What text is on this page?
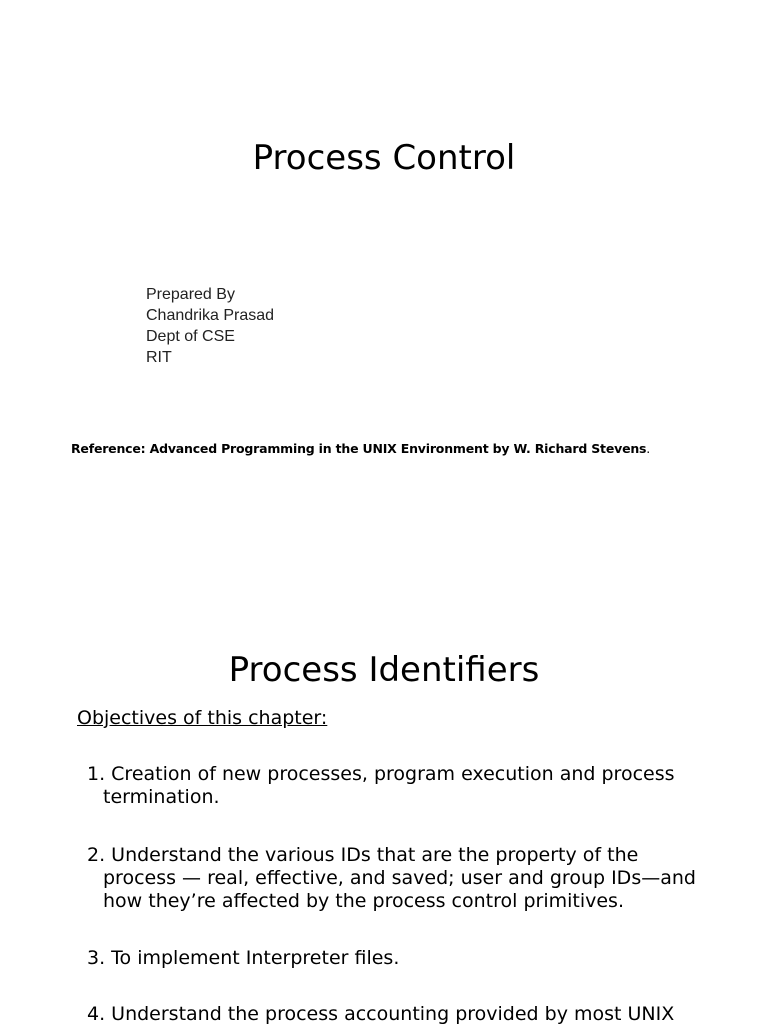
Process Control
Prepared By
Chandrika Prasad
Dept of CSE
RIT
Reference: Advanced Programming in the UNIX Environment by W. Richard Stevens.
Process Identifiers
Objectives of this chapter:
1. Creation of new processes, program execution and process
termination.
2. Understand the various IDs that are the property of the
process — real, effective, and saved; user and group IDs—and
how they’re affected by the process control primitives.
3. To implement Interpreter files.
4. Understand the process accounting provided by most UNIX
